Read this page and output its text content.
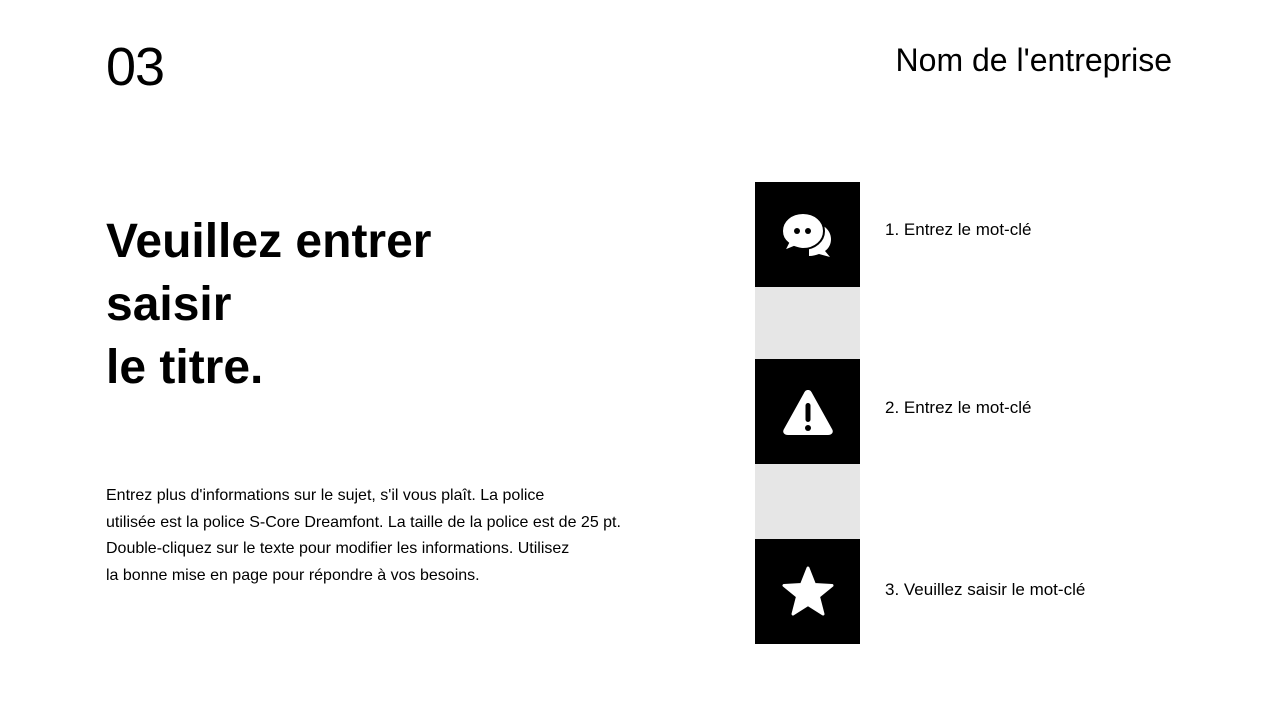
03	Nom de l'entreprise
Veuillez entrer
saisir
le titre.

Entrez plus d'informations sur le sujet, s'il vous plaît. La police
utilisée est la police S-Core Dreamfont. La taille de la police est de 25 pt.
Double-cliquez sur le texte pour modifier les informations. Utilisez
la bonne mise en page pour répondre à vos besoins.

1. Entrez le mot-clé
2. Entrez le mot-clé
3. Veuillez saisir le mot-clé
